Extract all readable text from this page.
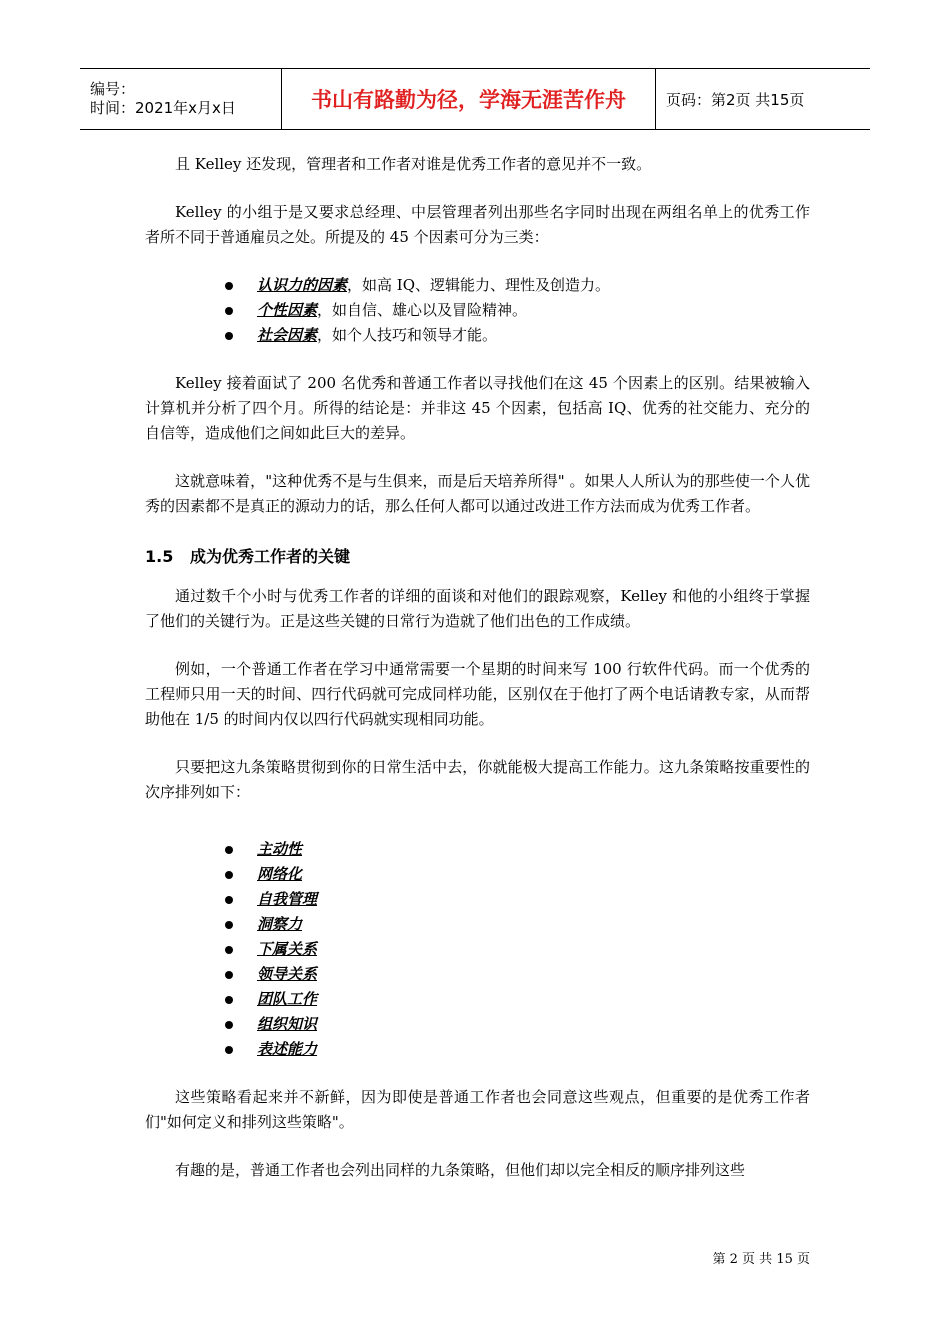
编号：
时间：2021年x月x日	书山有路勤为径，学海无涯苦作舟	页码：第2页 共15页

且 Kelley 还发现，管理者和工作者对谁是优秀工作者的意见并不一致。

Kelley 的小组于是又要求总经理、中层管理者列出那些名字同时出现在两组名单上的优秀工作者所不同于普通雇员之处。所提及的 45 个因素可分为三类：

认识力的因素 ，如高 IQ、逻辑能力、理性及创造力。
个性因素 ，如自信、雄心以及冒险精神。
社会因素 ，如个人技巧和领导才能。

Kelley 接着面试了 200 名优秀和普通工作者以寻找他们在这 45 个因素上的区别。结果被输入计算机并分析了四个月。所得的结论是：并非这 45 个因素，包括高 IQ、优秀的社交能力、充分的自信等，造成他们之间如此巨大的差异。

这就意味着，"这种优秀不是与生俱来，而是后天培养所得" 。如果人人所认为的那些使一个人优秀的因素都不是真正的源动力的话，那么任何人都可以通过改进工作方法而成为优秀工作者。

1.5	成为优秀工作者的关键

通过数千个小时与优秀工作者的详细的面谈和对他们的跟踪观察，Kelley 和他的小组终于掌握了他们的关键行为。正是这些关键的日常行为造就了他们出色的工作成绩。

例如，一个普通工作者在学习中通常需要一个星期的时间来写 100 行软件代码。而一个优秀的工程师只用一天的时间、四行代码就可完成同样功能，区别仅在于他打了两个电话请教专家，从而帮助他在 1/5 的时间内仅以四行代码就实现相同功能。

只要把这九条策略贯彻到你的日常生活中去，你就能极大提高工作能力。这九条策略按重要性的次序排列如下：

主动性
网络化
自我管理
洞察力
下属关系
领导关系
团队工作
组织知识
表述能力

这些策略看起来并不新鲜，因为即使是普通工作者也会同意这些观点，但重要的是优秀工作者们"如何定义和排列这些策略"。

有趣的是，普通工作者也会列出同样的九条策略，但他们却以完全相反的顺序排列这些

第 2 页 共 15 页
